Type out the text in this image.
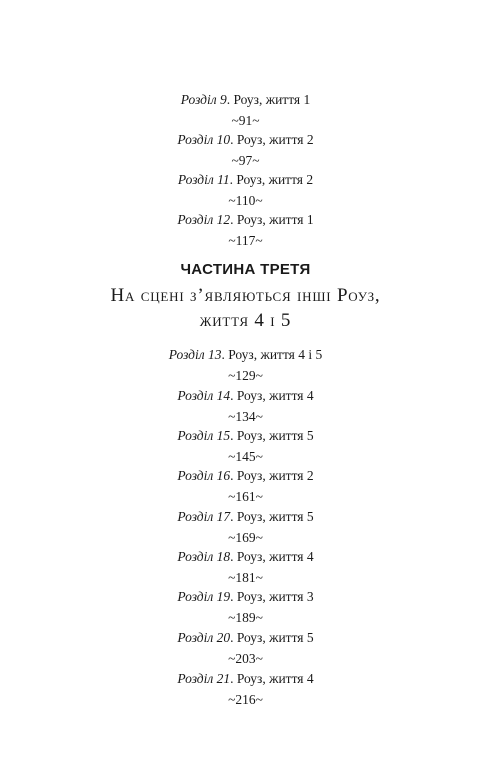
Розділ 9. Роуз, життя 1
~91~
Розділ 10. Роуз, життя 2
~97~
Розділ 11. Роуз, життя 2
~110~
Розділ 12. Роуз, життя 1
~117~
ЧАСТИНА ТРЕТЯ
На сцені з’являються інші Роуз,
життя 4 і 5
Розділ 13. Роуз, життя 4 і 5
~129~
Розділ 14. Роуз, життя 4
~134~
Розділ 15. Роуз, життя 5
~145~
Розділ 16. Роуз, життя 2
~161~
Розділ 17. Роуз, життя 5
~169~
Розділ 18. Роуз, життя 4
~181~
Розділ 19. Роуз, життя 3
~189~
Розділ 20. Роуз, життя 5
~203~
Розділ 21. Роуз, життя 4
~216~
